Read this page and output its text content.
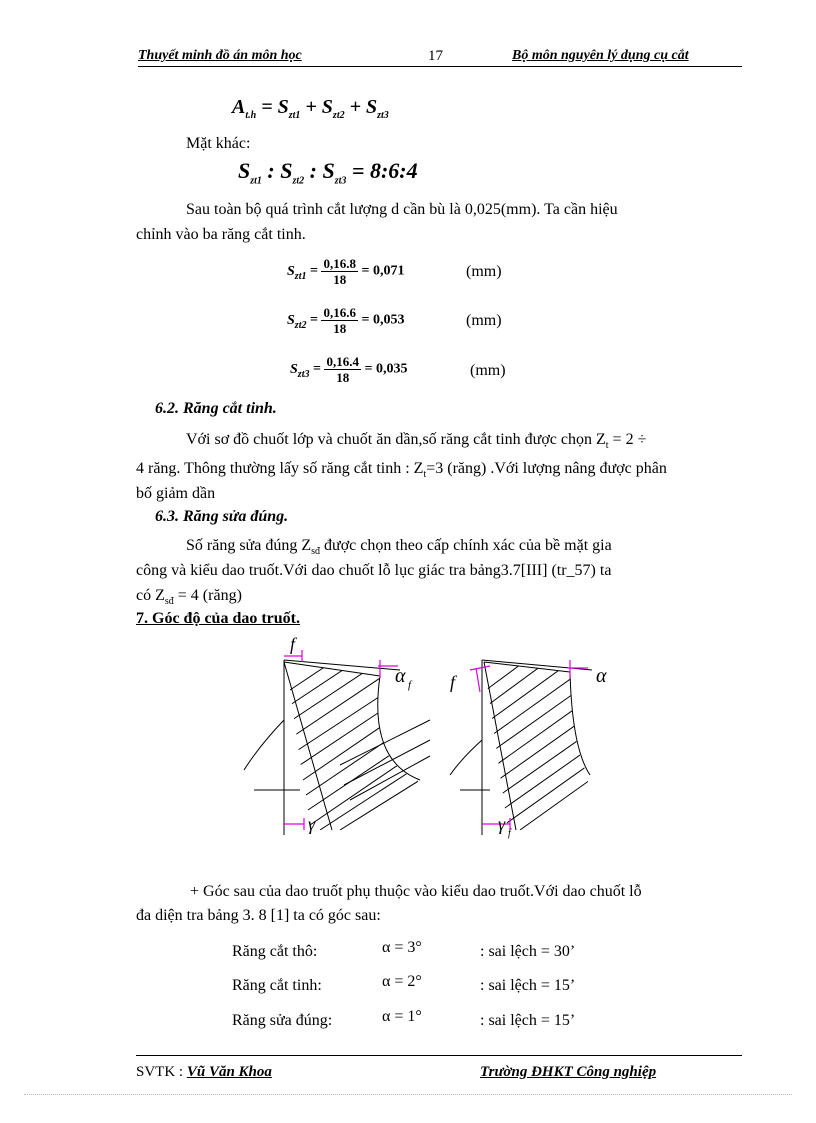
Thuyết minh đồ án môn học	17	Bộ môn nguyên lý dụng cụ cắt
$A_{t.h} = S_{zt1} + S_{zt2} + S_{zt3}$
Mặt khác:
$S_{zt1}$ : $S_{zt2}$ : $S_{zt3}$ = 8:6:4
Sau toàn bộ quá trình cắt lượng d cần bù là 0,025(mm). Ta cần hiệu
chỉnh vào ba răng cắt tinh.
$S_{zt1} = \frac{0,16.8}{18} = 0,071$	(mm)
$S_{zt2} = \frac{0,16.6}{18} = 0,053$	(mm)
$S_{zt3} = \frac{0,16.4}{18} = 0,035$	(mm)
6.2. Răng cắt tinh.
Với sơ đồ chuốt lớp và chuốt ăn dần,số răng cắt tinh được chọn $Z_t = 2$ ÷
4 răng. Thông thường lấy số răng cắt tinh : $Z_t=3$ (răng) .Với lượng nâng được phân
bố giảm dần
6.3. Răng sửa đúng.
Số răng sửa đúng $Z_{sđ}$ được chọn theo cấp chính xác của bề mặt gia
công và kiểu dao truốt.Với dao chuốt lỗ lục giác tra bảng3.7[III] (tr_57) ta
có $Z_{sđ} = 4$ (răng)
7. Góc độ của dao truốt.
f
α f
γ
f	α
γ f
+ Góc sau của dao truốt phụ thuộc vào kiểu dao truốt.Với dao chuốt lỗ
đa diện tra bảng 3. 8 [1] ta có góc sau:
Răng cắt thô:	α = 3°	: sai lệch = 30’
Răng cắt tinh:	α = 2°	: sai lệch = 15’
Răng sửa đúng:	α = 1°	: sai lệch = 15’
SVTK : Vũ Văn Khoa	Trường ĐHKT Công nghiệp
